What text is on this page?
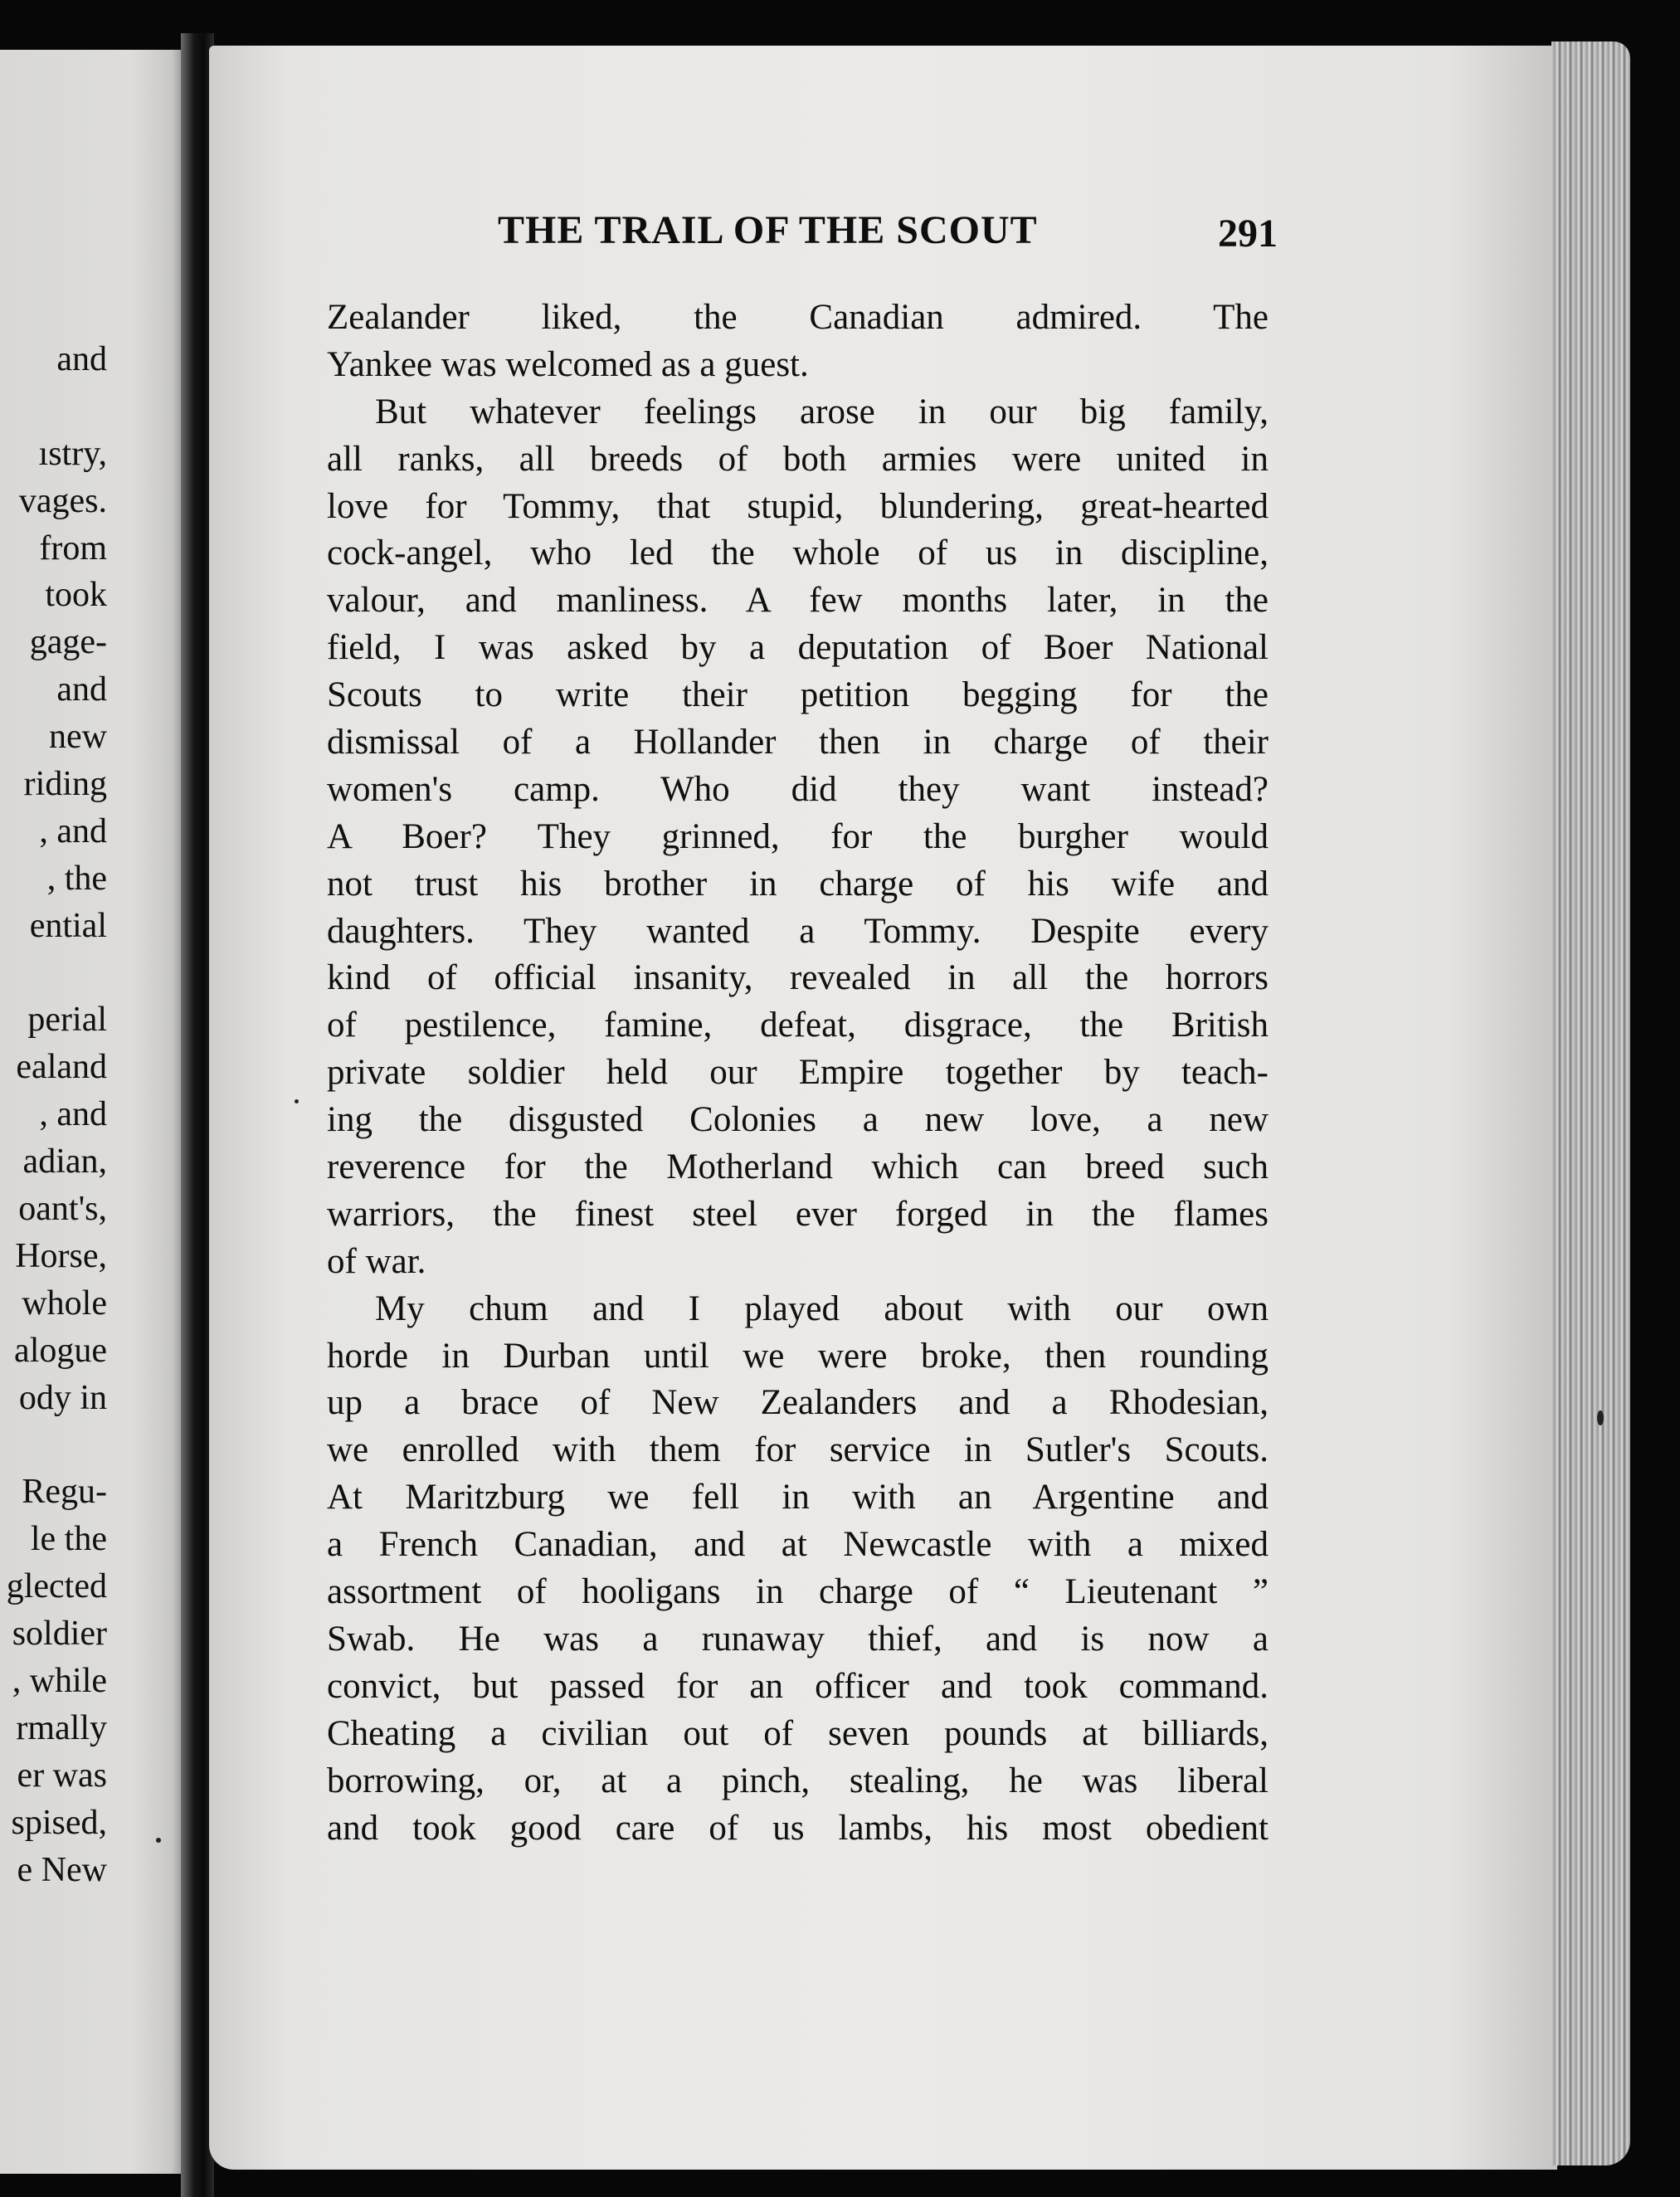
and
ıstry,
vages.
from
took
gage-
and
new
riding
, and
, the
ential
perial
ealand
, and
adian,
oant's,
Horse,
whole
alogue
ody in
Regu-
le the
glected
soldier
, while
rmally
er was
spised,
e New
THE TRAIL OF THE SCOUT	291
Zealander liked, the Canadian admired. The
Yankee was welcomed as a guest.
But whatever feelings arose in our big family,
all ranks, all breeds of both armies were united in
love for Tommy, that stupid, blundering, great-hearted
cock-angel, who led the whole of us in discipline,
valour, and manliness. A few months later, in the
field, I was asked by a deputation of Boer National
Scouts to write their petition begging for the
dismissal of a Hollander then in charge of their
women's camp. Who did they want instead?
A Boer? They grinned, for the burgher would
not trust his brother in charge of his wife and
daughters. They wanted a Tommy. Despite every
kind of official insanity, revealed in all the horrors
of pestilence, famine, defeat, disgrace, the British
private soldier held our Empire together by teach-
ing the disgusted Colonies a new love, a new
reverence for the Motherland which can breed such
warriors, the finest steel ever forged in the flames
of war.
My chum and I played about with our own
horde in Durban until we were broke, then rounding
up a brace of New Zealanders and a Rhodesian,
we enrolled with them for service in Sutler's Scouts.
At Maritzburg we fell in with an Argentine and
a French Canadian, and at Newcastle with a mixed
assortment of hooligans in charge of “ Lieutenant ”
Swab. He was a runaway thief, and is now a
convict, but passed for an officer and took command.
Cheating a civilian out of seven pounds at billiards,
borrowing, or, at a pinch, stealing, he was liberal
and took good care of us lambs, his most obedient
